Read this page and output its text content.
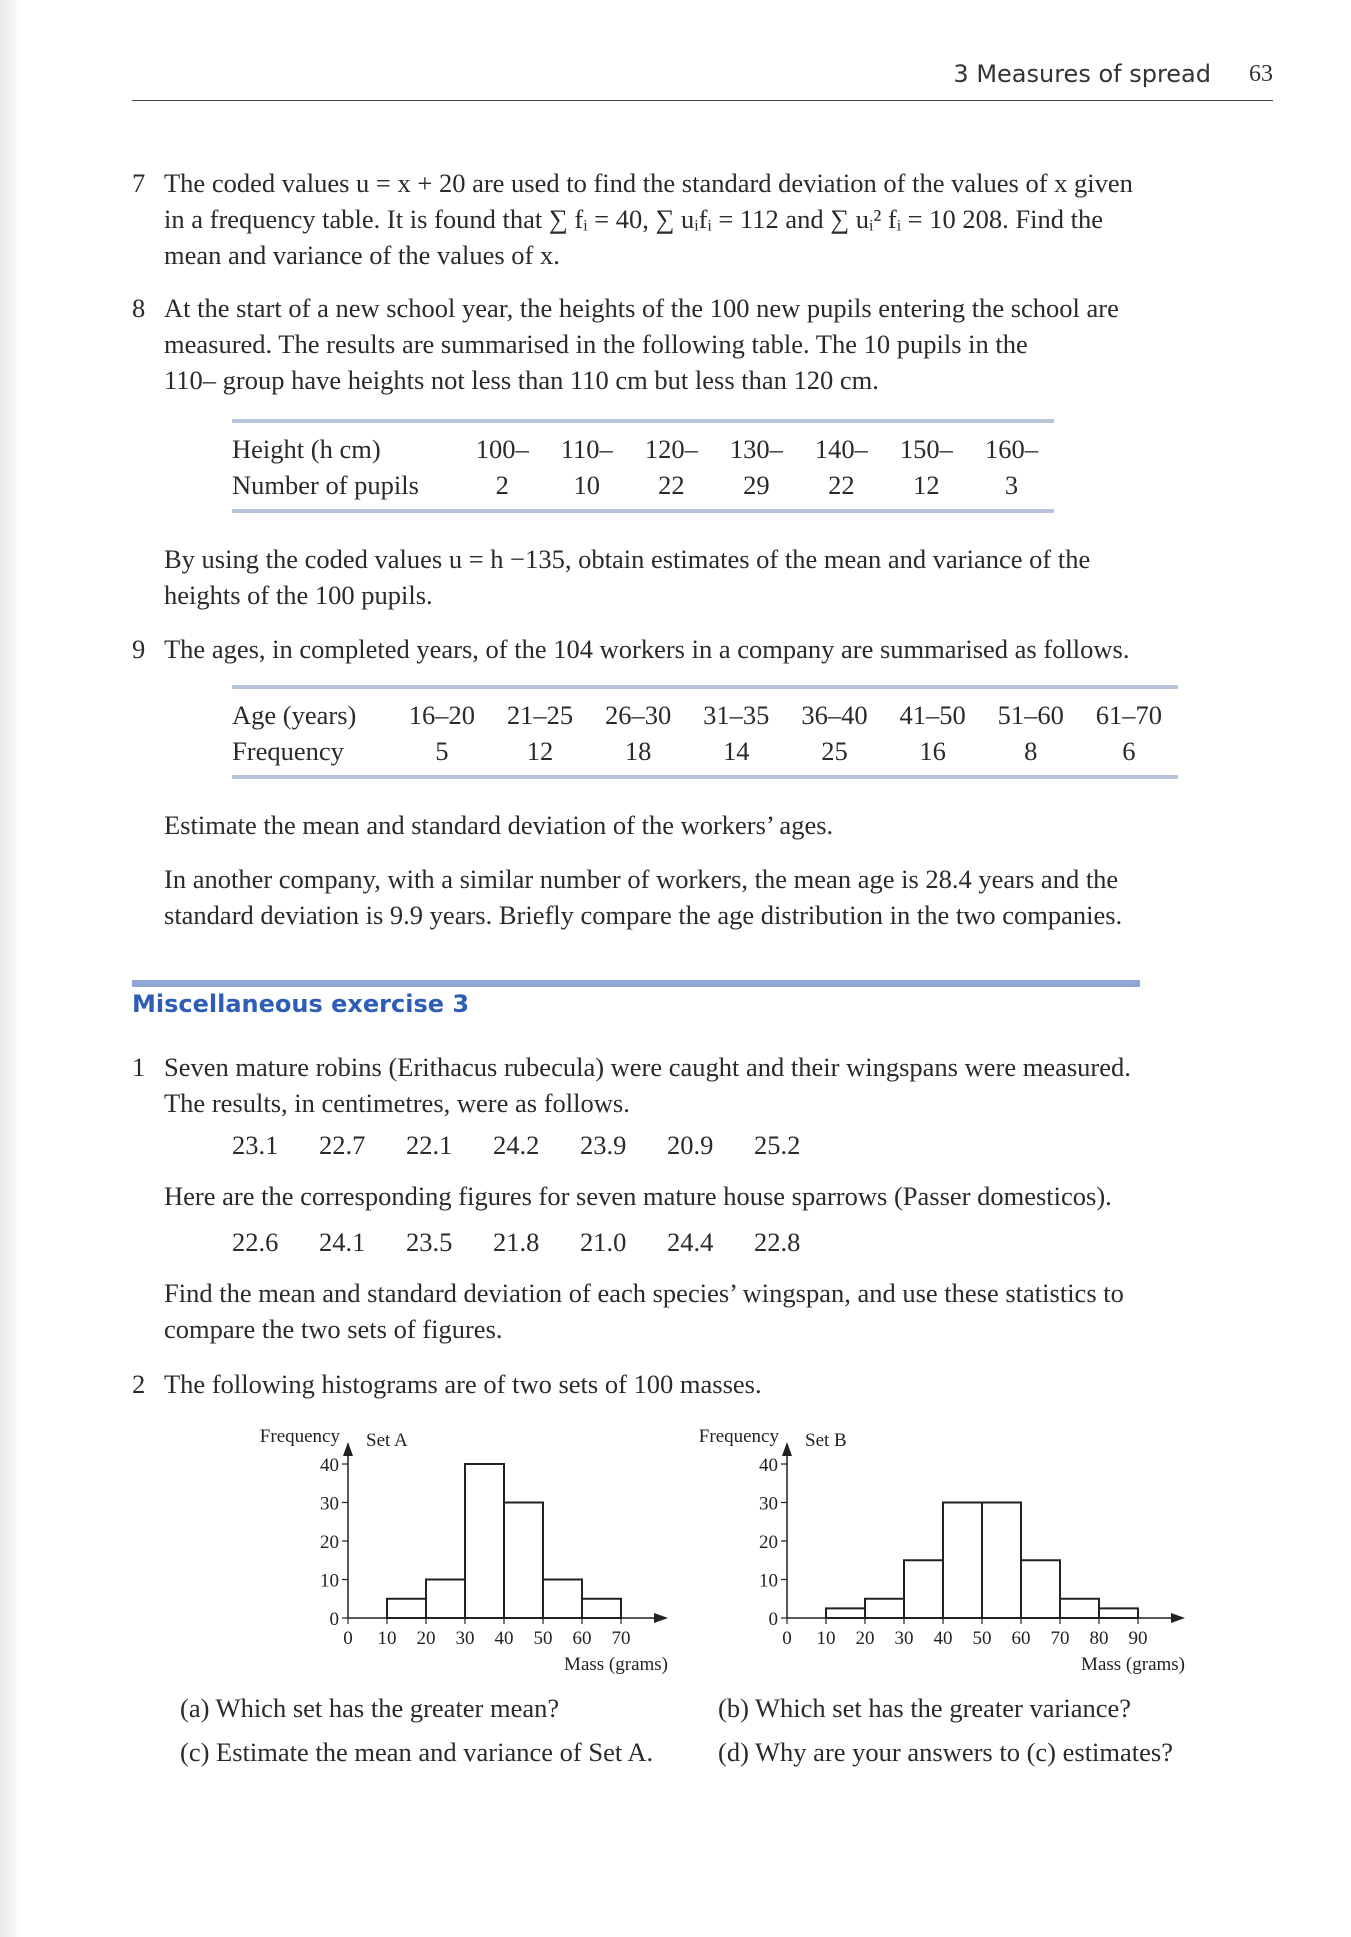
3 Measures of spread 63
7 The coded values u = x + 20 are used to find the standard deviation of the values of x given

in a frequency table. It is found that ∑ fᵢ = 40, ∑ uᵢfᵢ = 112 and ∑ uᵢ² fᵢ = 10 208. Find the

mean and variance of the values of x.

8 At the start of a new school year, the heights of the 100 new pupils entering the school are

measured. The results are summarised in the following table. The 10 pupils in the

110– group have heights not less than 110 cm but less than 120 cm.

Height (h cm)	100–	110–	120–	130–	140–	150–	160–
Number of pupils	2	10	22	29	22	12	3

By using the coded values u = h −135, obtain estimates of the mean and variance of the

heights of the 100 pupils.

9 The ages, in completed years, of the 104 workers in a company are summarised as follows.

Age (years)	16–20	21–25	26–30	31–35	36–40	41–50	51–60	61–70
Frequency	5	12	18	14	25	16	8	6

Estimate the mean and standard deviation of the workers’ ages.

In another company, with a similar number of workers, the mean age is 28.4 years and the

standard deviation is 9.9 years. Briefly compare the age distribution in the two companies.

Miscellaneous exercise 3
1 Seven mature robins (Erithacus rubecula) were caught and their wingspans were measured.

The results, in centimetres, were as follows.

23.1 22.7 22.1 24.2 23.9 20.9 25.2

Here are the corresponding figures for seven mature house sparrows (Passer domesticos).

22.6 24.1 23.5 21.8 21.0 24.4 22.8

Find the mean and standard deviation of each species’ wingspan, and use these statistics to

compare the two sets of figures.

2 The following histograms are of two sets of 100 masses.

0
10
20
30
40
0 10 20 30 40 50 60 70
Frequency Set A
Mass (grams)
0
10
20
30
40
0 10 20 30 40 50 60 70 80 90
Frequency Set B
Mass (grams)
(a) Which set has the greater mean?	(b) Which set has the greater variance?
(c) Estimate the mean and variance of Set A. (d) Why are your answers to (c) estimates?
